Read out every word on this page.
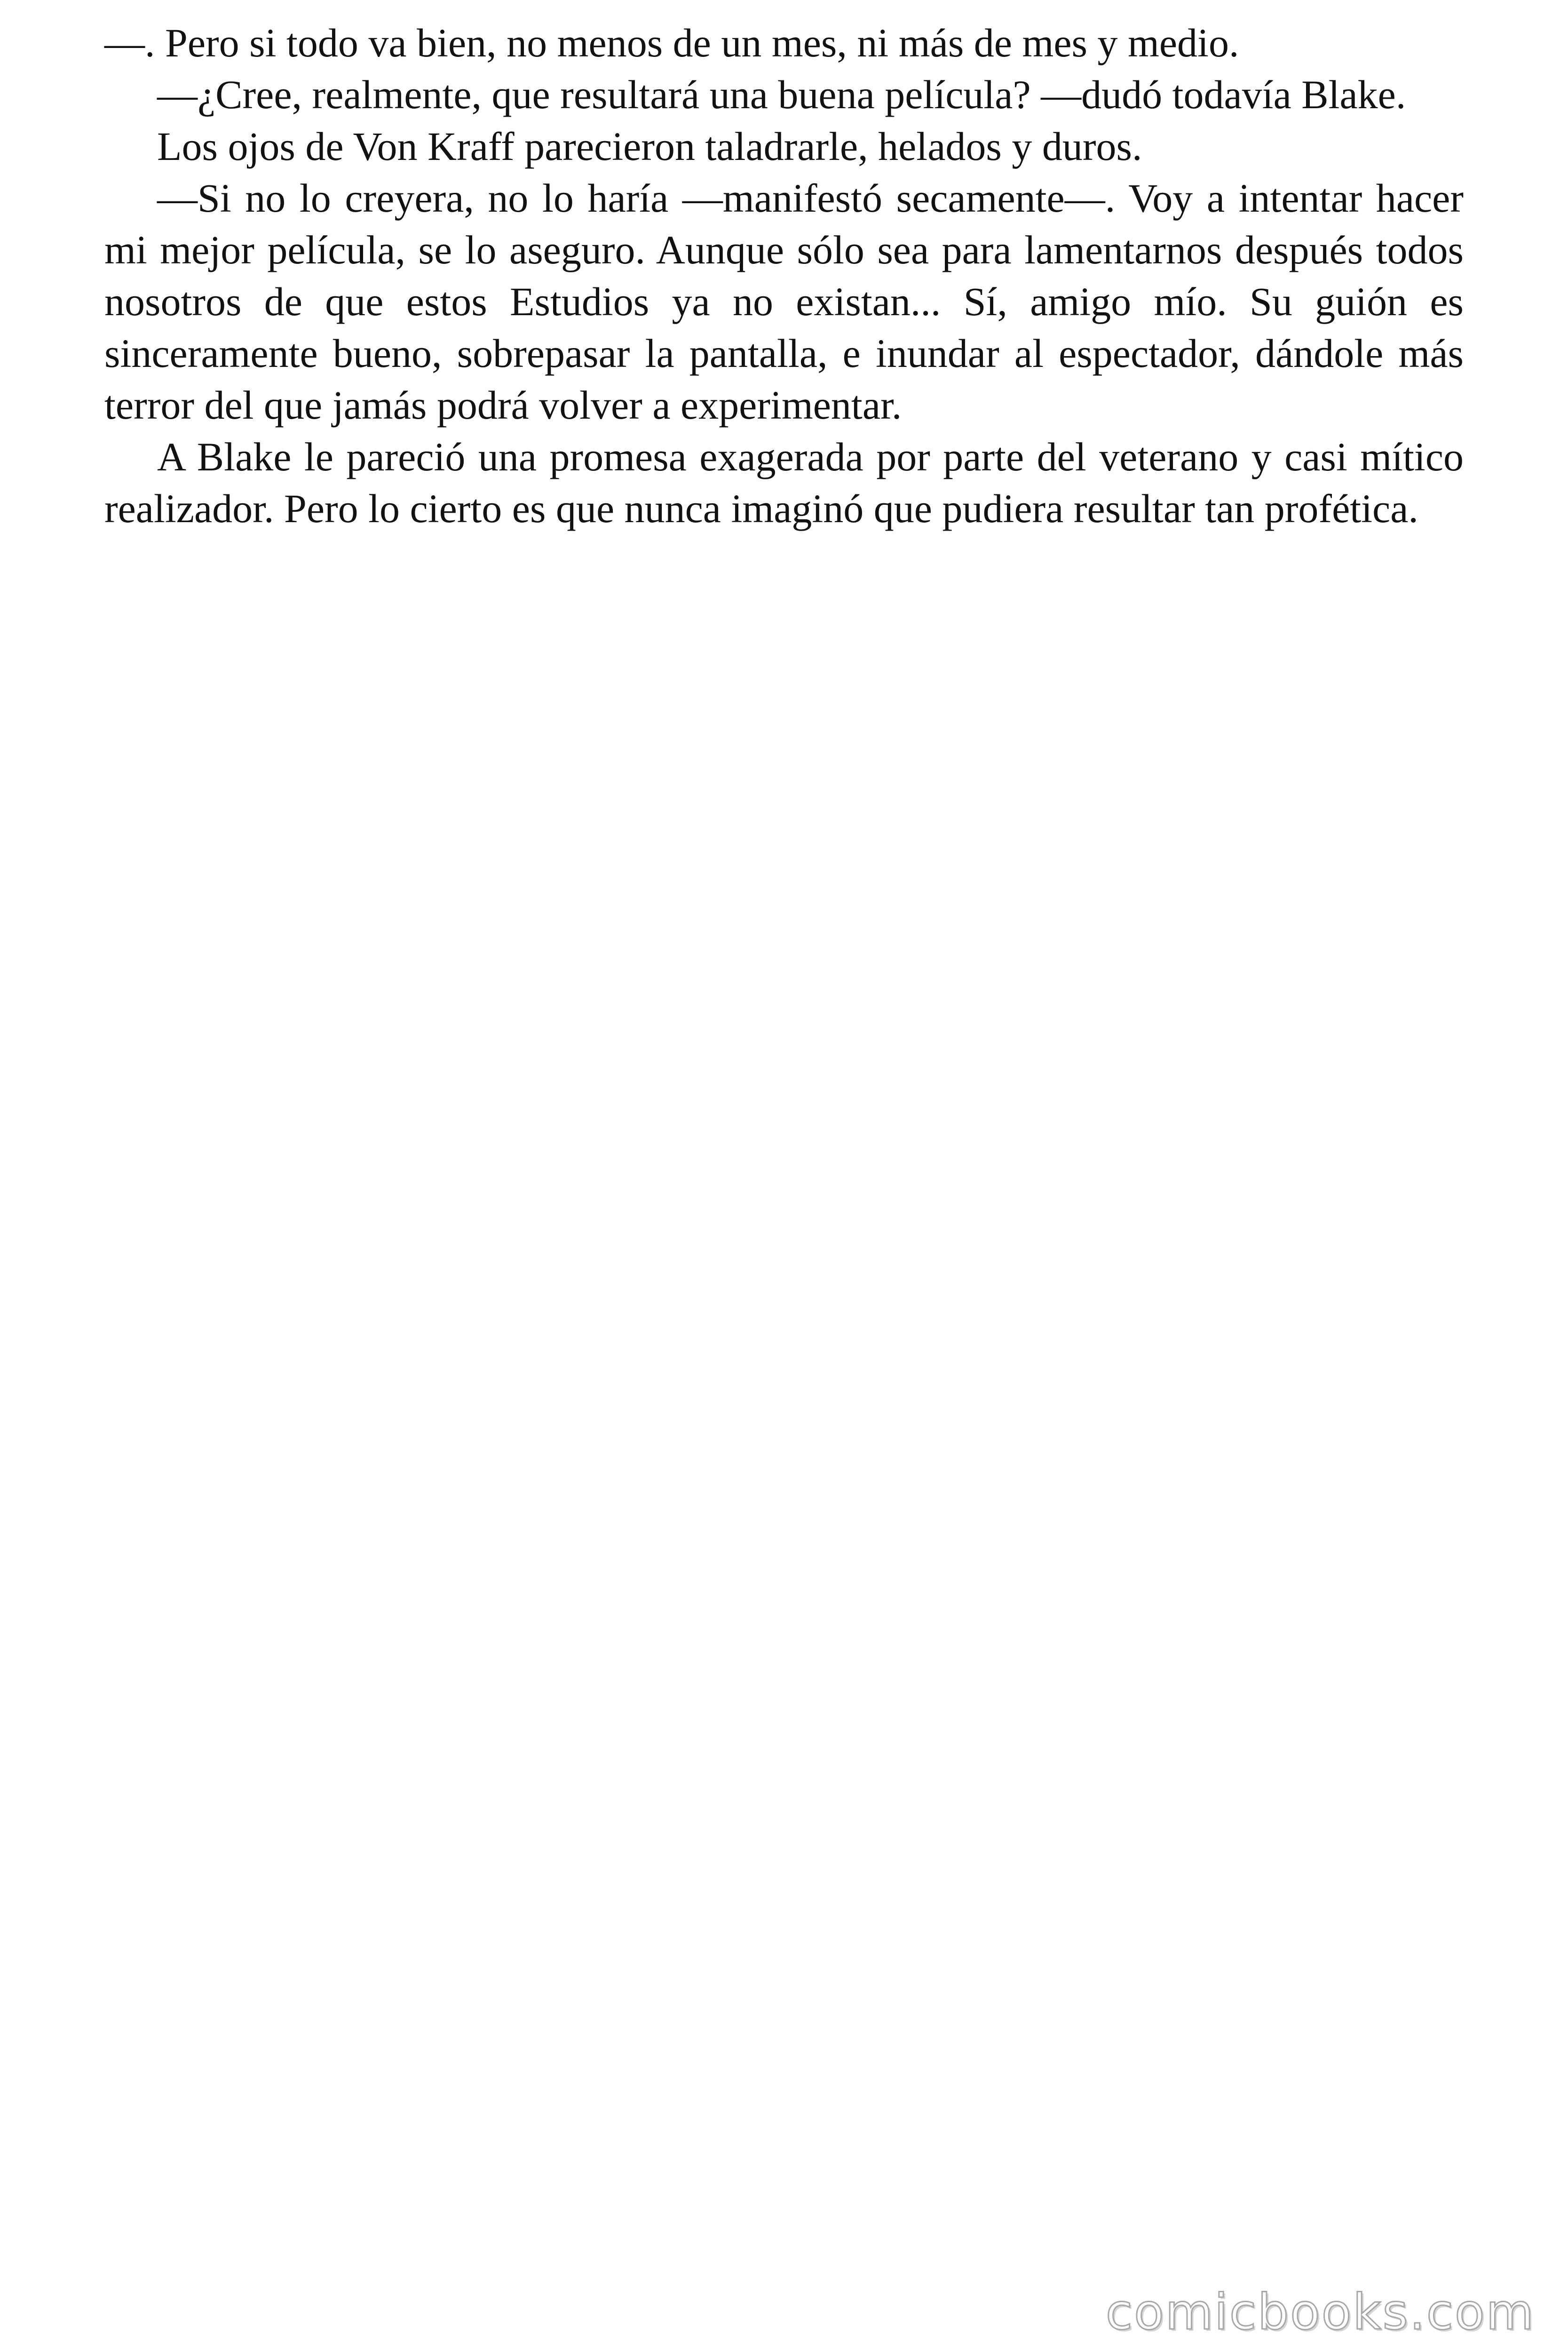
—. Pero si todo va bien, no menos de un mes, ni más de mes y medio.

—¿Cree, realmente, que resultará una buena película? —dudó todavía Blake.

Los ojos de Von Kraff parecieron taladrarle, helados y duros.

—Si no lo creyera, no lo haría —manifestó secamente—. Voy a intentar hacer mi mejor película, se lo aseguro. Aunque sólo sea para lamentarnos después todos nosotros de que estos Estudios ya no existan... Sí, amigo mío. Su guión es sinceramente bueno, sobrepasar la pantalla, e inundar al espectador, dándole más terror del que jamás podrá volver a experimentar.

A Blake le pareció una promesa exagerada por parte del veterano y casi mítico realizador. Pero lo cierto es que nunca imaginó que pudiera resultar tan profética.

comicbooks.com
